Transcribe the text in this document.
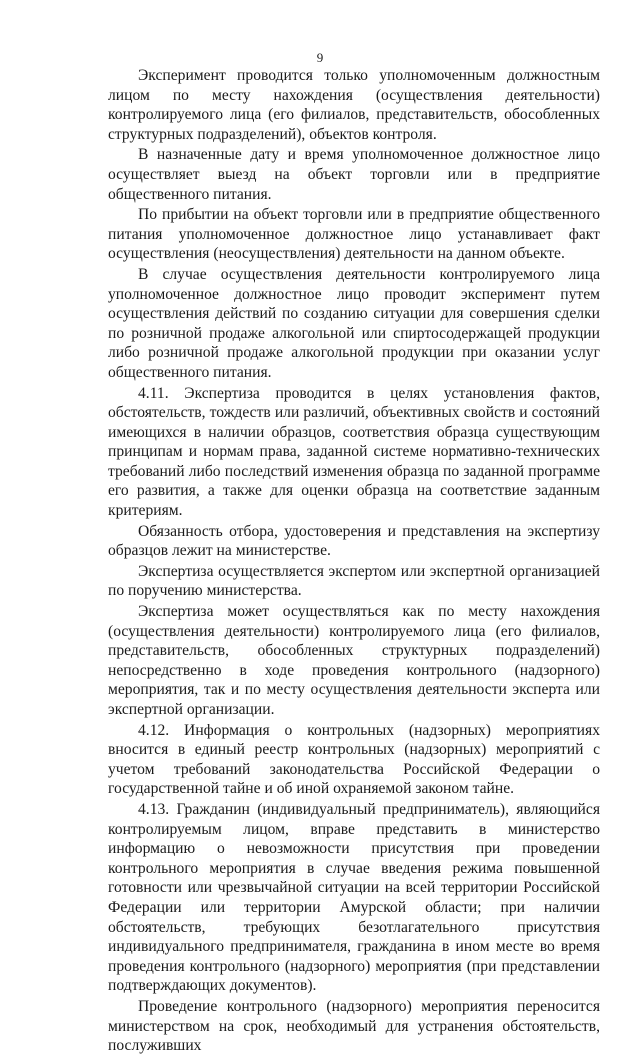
9

Эксперимент проводится только уполномоченным должностным лицом по месту нахождения (осуществления деятельности) контролируемого лица (его филиалов, представительств, обособленных структурных подразделений), объектов контроля.

В назначенные дату и время уполномоченное должностное лицо осуществляет выезд на объект торговли или в предприятие общественного питания.

По прибытии на объект торговли или в предприятие общественного питания уполномоченное должностное лицо устанавливает факт осуществления (неосуществления) деятельности на данном объекте.

В случае осуществления деятельности контролируемого лица уполномоченное должностное лицо проводит эксперимент путем осуществления действий по созданию ситуации для совершения сделки по розничной продаже алкогольной или спиртосодержащей продукции либо розничной продаже алкогольной продукции при оказании услуг общественного питания.

4.11. Экспертиза проводится в целях установления фактов, обстоятельств, тождеств или различий, объективных свойств и состояний имеющихся в наличии образцов, соответствия образца существующим принципам и нормам права, заданной системе нормативно-технических требований либо последствий изменения образца по заданной программе его развития, а также для оценки образца на соответствие заданным критериям.

Обязанность отбора, удостоверения и представления на экспертизу образцов лежит на министерстве.

Экспертиза осуществляется экспертом или экспертной организацией по поручению министерства.

Экспертиза может осуществляться как по месту нахождения (осуществления деятельности) контролируемого лица (его филиалов, представительств, обособленных структурных подразделений) непосредственно в ходе проведения контрольного (надзорного) мероприятия, так и по месту осуществления деятельности эксперта или экспертной организации.

4.12. Информация о контрольных (надзорных) мероприятиях вносится в единый реестр контрольных (надзорных) мероприятий с учетом требований законодательства Российской Федерации о государственной тайне и об иной охраняемой законом тайне.

4.13. Гражданин (индивидуальный предприниматель), являющийся контролируемым лицом, вправе представить в министерство информацию о невозможности присутствия при проведении контрольного мероприятия в случае введения режима повышенной готовности или чрезвычайной ситуации на всей территории Российской Федерации или территории Амурской области; при наличии обстоятельств, требующих безотлагательного присутствия индивидуального предпринимателя, гражданина в ином месте во время проведения контрольного (надзорного) мероприятия (при представлении подтверждающих документов).

Проведение контрольного (надзорного) мероприятия переносится министерством на срок, необходимый для устранения обстоятельств, послуживших
